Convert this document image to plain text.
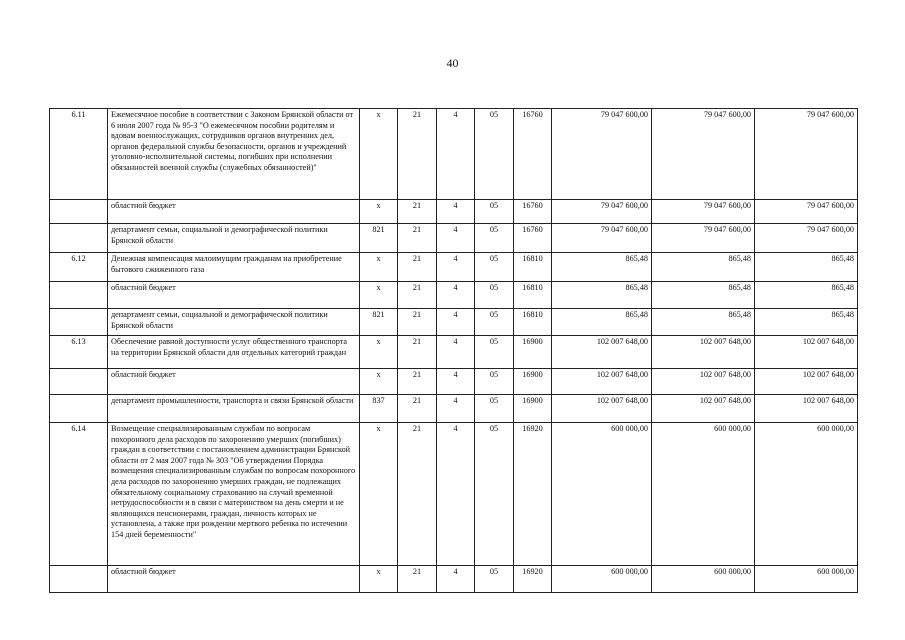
40
6.11	Ежемесячное пособие в соответствии с Законом Брянской области от 6 июля 2007 года № 95-З "О ежемесячном пособии родителям и вдовам военнослужащих, сотрудников органов внутренних дел, органов федеральной службы безопасности, органов и учреждений уголовно-исполнительной системы, погибших при исполнении обязанностей военной службы (служебных обязанностей)"	х	21	4	05	16760	79 047 600,00	79 047 600,00	79 047 600,00
	областной бюджет	х	21	4	05	16760	79 047 600,00	79 047 600,00	79 047 600,00
	департамент семьи, социальной и демографической политики Брянской области	821	21	4	05	16760	79 047 600,00	79 047 600,00	79 047 600,00
6.12	Денежная компенсация малоимущим гражданам на приобретение бытового сжиженного газа	х	21	4	05	16810	865,48	865,48	865,48
	областной бюджет	х	21	4	05	16810	865,48	865,48	865,48
	департамент семьи, социальной и демографической политики Брянской области	821	21	4	05	16810	865,48	865,48	865,48
6.13	Обеспечение равной доступности услуг общественного транспорта на территории Брянской области для отдельных категорий граждан	х	21	4	05	16900	102 007 648,00	102 007 648,00	102 007 648,00
	областной бюджет	х	21	4	05	16900	102 007 648,00	102 007 648,00	102 007 648,00
	департамент промышленности, транспорта и связи Брянской области	837	21	4	05	16900	102 007 648,00	102 007 648,00	102 007 648,00
6.14	Возмещение специализированным службам по вопросам похоронного дела расходов по захоронению умерших (погибших) граждан в соответствии с постановлением администрации Брянской области от 2 мая 2007 года № 303 "Об утверждении Порядка возмещения специализированным службам по вопросам похоронного дела расходов по захоронению умерших граждан, не подлежащих обязательному социальному страхованию на случай временной нетрудоспособности и в связи с материнством на день смерти и не являющихся пенсионерами, граждан, личность которых не установлена, а также при рождении мертвого ребенка по истечении 154 дней беременности"	х	21	4	05	16920	600 000,00	600 000,00	600 000,00
	областной бюджет	х	21	4	05	16920	600 000,00	600 000,00	600 000,00
